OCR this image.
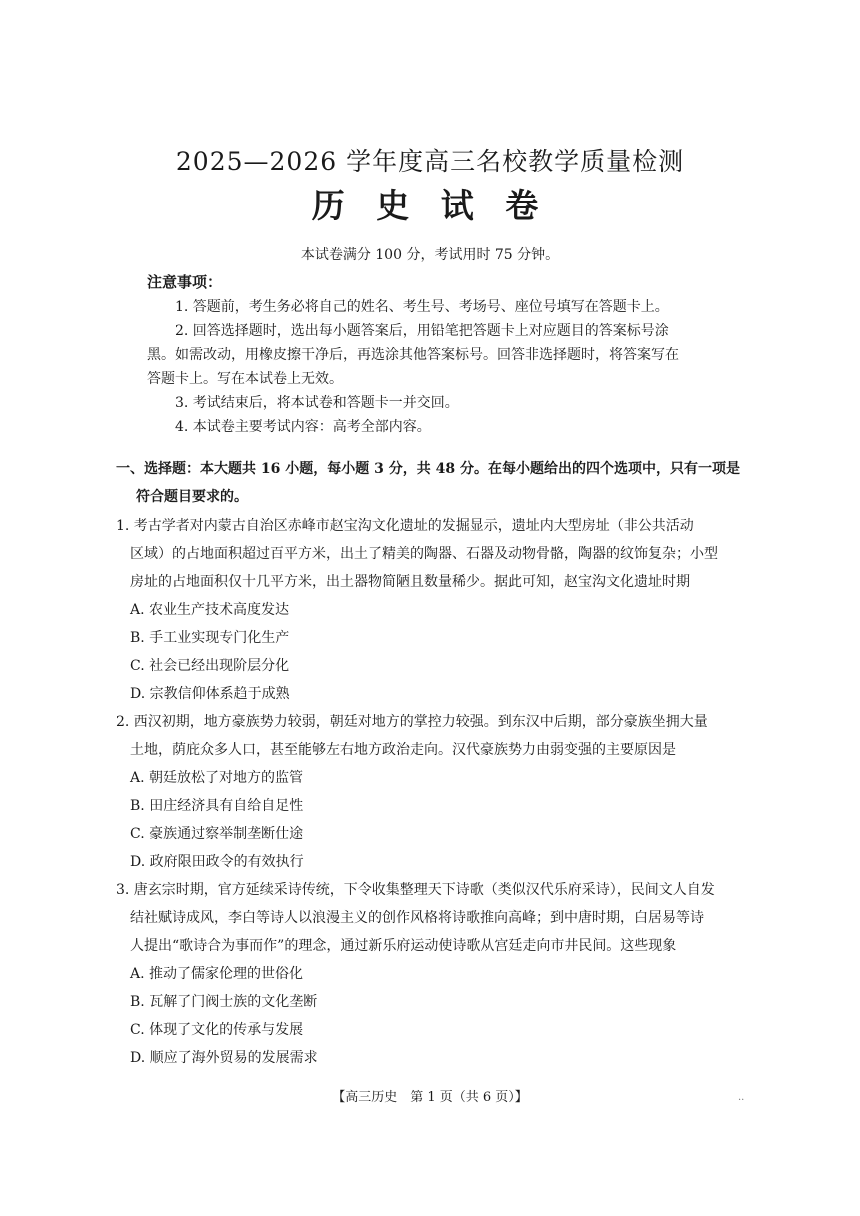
2025—2026 学年度高三名校教学质量检测
历 史 试 卷
本试卷满分 100 分，考试用时 75 分钟。
注意事项：
1. 答题前，考生务必将自己的姓名、考生号、考场号、座位号填写在答题卡上。
2. 回答选择题时，选出每小题答案后，用铅笔把答题卡上对应题目的答案标号涂
黑。如需改动，用橡皮擦干净后，再选涂其他答案标号。回答非选择题时，将答案写在
答题卡上。写在本试卷上无效。
3. 考试结束后，将本试卷和答题卡一并交回。
4. 本试卷主要考试内容：高考全部内容。
一、选择题：本大题共 16 小题，每小题 3 分，共 48 分。在每小题给出的四个选项中，只有一项是
符合题目要求的。
1. 考古学者对内蒙古自治区赤峰市赵宝沟文化遗址的发掘显示，遗址内大型房址（非公共活动
区域）的占地面积超过百平方米，出土了精美的陶器、石器及动物骨骼，陶器的纹饰复杂；小型
房址的占地面积仅十几平方米，出土器物简陋且数量稀少。据此可知，赵宝沟文化遗址时期
A. 农业生产技术高度发达
B. 手工业实现专门化生产
C. 社会已经出现阶层分化
D. 宗教信仰体系趋于成熟
2. 西汉初期，地方豪族势力较弱，朝廷对地方的掌控力较强。到东汉中后期，部分豪族坐拥大量
土地，荫庇众多人口，甚至能够左右地方政治走向。汉代豪族势力由弱变强的主要原因是
A. 朝廷放松了对地方的监管
B. 田庄经济具有自给自足性
C. 豪族通过察举制垄断仕途
D. 政府限田政令的有效执行
3. 唐玄宗时期，官方延续采诗传统，下令收集整理天下诗歌（类似汉代乐府采诗），民间文人自发
结社赋诗成风，李白等诗人以浪漫主义的创作风格将诗歌推向高峰；到中唐时期，白居易等诗
人提出“歌诗合为事而作”的理念，通过新乐府运动使诗歌从宫廷走向市井民间。这些现象
A. 推动了儒家伦理的世俗化
B. 瓦解了门阀士族的文化垄断
C. 体现了文化的传承与发展
D. 顺应了海外贸易的发展需求
【高三历史　第 1 页（共 6 页）】	..
